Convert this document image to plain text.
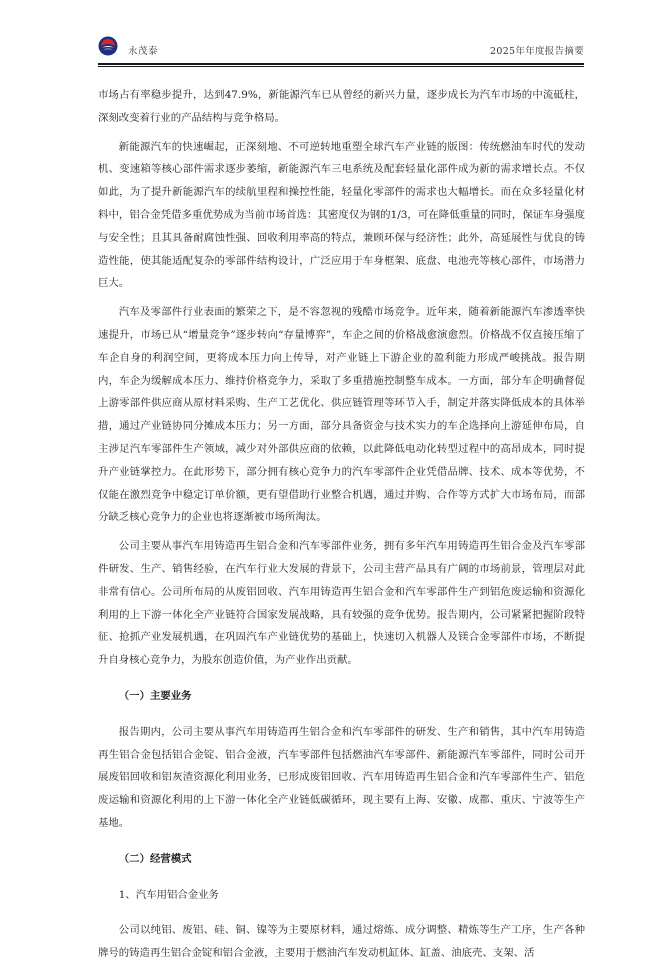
永茂泰	2025年年度报告摘要

市场占有率稳步提升，达到47.9%，新能源汽车已从曾经的新兴力量，逐步成长为汽车市场的中流砥柱，深刻改变着行业的产品结构与竞争格局。

新能源汽车的快速崛起，正深刻地、不可逆转地重塑全球汽车产业链的版图：传统燃油车时代的发动机、变速箱等核心部件需求逐步萎缩，新能源汽车三电系统及配套轻量化部件成为新的需求增长点。不仅如此，为了提升新能源汽车的续航里程和操控性能，轻量化零部件的需求也大幅增长。而在众多轻量化材料中，铝合金凭借多重优势成为当前市场首选：其密度仅为钢的1/3，可在降低重量的同时，保证车身强度与安全性；且其具备耐腐蚀性强、回收利用率高的特点，兼顾环保与经济性；此外，高延展性与优良的铸造性能，使其能适配复杂的零部件结构设计，广泛应用于车身框架、底盘、电池壳等核心部件，市场潜力巨大。

汽车及零部件行业表面的繁荣之下，是不容忽视的残酷市场竞争。近年来，随着新能源汽车渗透率快速提升，市场已从“增量竞争”逐步转向“存量博弈”，车企之间的价格战愈演愈烈。价格战不仅直接压缩了车企自身的利润空间，更将成本压力向上传导，对产业链上下游企业的盈利能力形成严峻挑战。报告期内，车企为缓解成本压力、维持价格竞争力，采取了多重措施控制整车成本。一方面，部分车企明确督促上游零部件供应商从原材料采购、生产工艺优化、供应链管理等环节入手，制定并落实降低成本的具体举措，通过产业链协同分摊成本压力；另一方面，部分具备资金与技术实力的车企选择向上游延伸布局，自主涉足汽车零部件生产领域，减少对外部供应商的依赖，以此降低电动化转型过程中的高昂成本，同时提升产业链掌控力。在此形势下，部分拥有核心竞争力的汽车零部件企业凭借品牌、技术、成本等优势，不仅能在激烈竞争中稳定订单价额，更有望借助行业整合机遇，通过并购、合作等方式扩大市场布局，而部分缺乏核心竞争力的企业也将逐渐被市场所淘汰。

公司主要从事汽车用铸造再生铝合金和汽车零部件业务，拥有多年汽车用铸造再生铝合金及汽车零部件研发、生产、销售经验，在汽车行业大发展的背景下，公司主营产品具有广阔的市场前景，管理层对此非常有信心。公司所布局的从废铝回收、汽车用铸造再生铝合金和汽车零部件生产到铝危废运输和资源化利用的上下游一体化全产业链符合国家发展战略，具有较强的竞争优势。报告期内，公司紧紧把握阶段特征、抢抓产业发展机遇，在巩固汽车产业链优势的基础上，快速切入机器人及镁合金零部件市场，不断提升自身核心竞争力，为股东创造价值，为产业作出贡献。

（一）主要业务

报告期内，公司主要从事汽车用铸造再生铝合金和汽车零部件的研发、生产和销售，其中汽车用铸造再生铝合金包括铝合金锭、铝合金液，汽车零部件包括燃油汽车零部件、新能源汽车零部件，同时公司开展废铝回收和铝灰渣资源化利用业务，已形成废铝回收、汽车用铸造再生铝合金和汽车零部件生产、铝危废运输和资源化利用的上下游一体化全产业链低碳循环，现主要有上海、安徽、成都、重庆、宁波等生产基地。

（二）经营模式
1、汽车用铝合金业务

公司以纯铝、废铝、硅、铜、镍等为主要原材料，通过熔炼、成分调整、精炼等生产工序，生产各种牌号的铸造再生铝合金锭和铝合金液，主要用于燃油汽车发动机缸体、缸盖、油底壳、支架、活
